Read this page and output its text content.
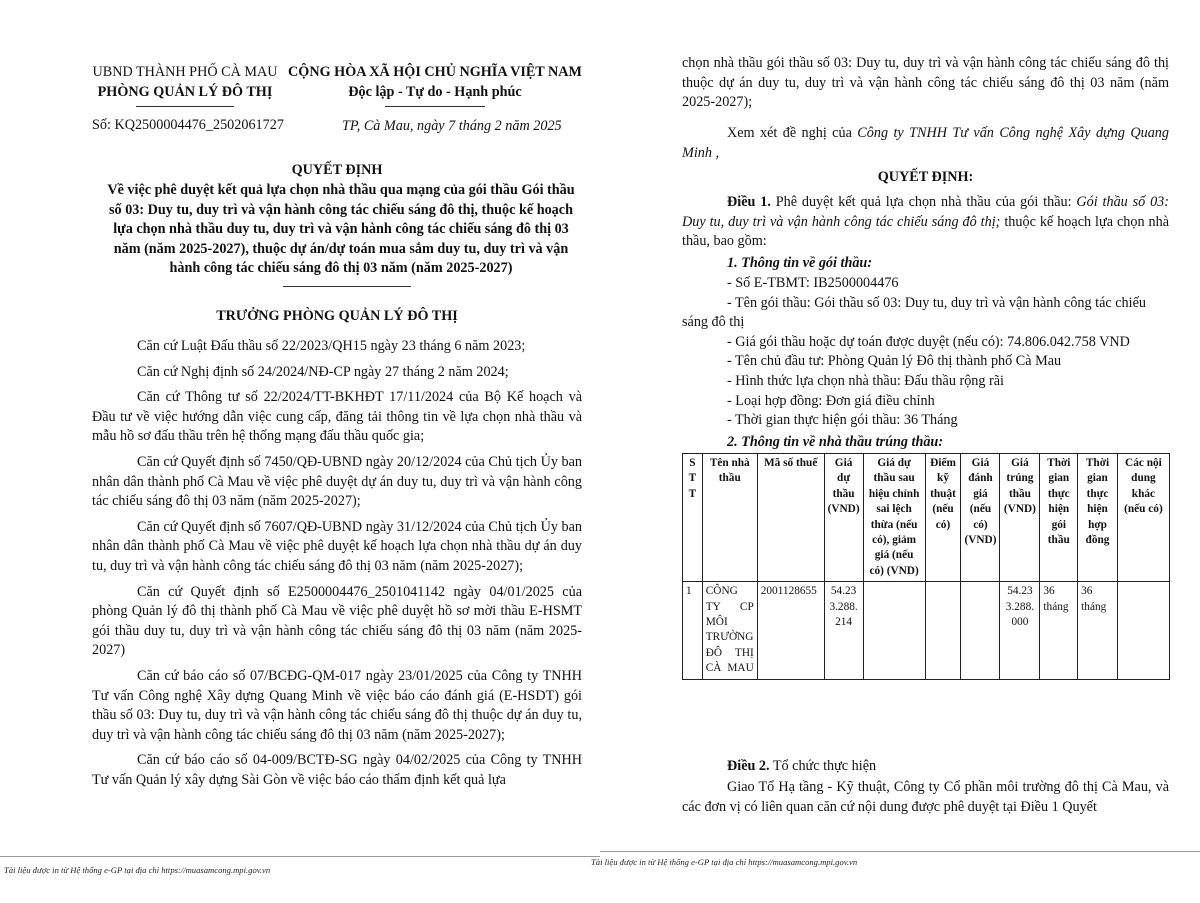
UBND THÀNH PHỐ CÀ MAU
PHÒNG QUẢN LÝ ĐÔ THỊ
CỘNG HÒA XÃ HỘI CHỦ NGHĨA VIỆT NAM
Độc lập - Tự do - Hạnh phúc
Số: KQ2500004476_2502061727	TP, Cà Mau, ngày 7 tháng 2 năm 2025
QUYẾT ĐỊNH
Về việc phê duyệt kết quả lựa chọn nhà thầu qua mạng của gói thầu Gói thầu số 03: Duy tu, duy trì và vận hành công tác chiếu sáng đô thị, thuộc kế hoạch lựa chọn nhà thầu duy tu, duy trì và vận hành công tác chiếu sáng đô thị 03 năm (năm 2025-2027), thuộc dự án/dự toán mua sắm duy tu, duy trì và vận hành công tác chiếu sáng đô thị 03 năm (năm 2025-2027)
TRƯỞNG PHÒNG QUẢN LÝ ĐÔ THỊ

Căn cứ Luật Đấu thầu số 22/2023/QH15 ngày 23 tháng 6 năm 2023;

Căn cứ Nghị định số 24/2024/NĐ-CP ngày 27 tháng 2 năm 2024;

Căn cứ Thông tư số 22/2024/TT-BKHĐT 17/11/2024 của Bộ Kế hoạch và Đầu tư về việc hướng dẫn việc cung cấp, đăng tải thông tin về lựa chọn nhà thầu và mẫu hồ sơ đấu thầu trên hệ thống mạng đấu thầu quốc gia;

Căn cứ Quyết định số 7450/QĐ-UBND ngày 20/12/2024 của Chủ tịch Ủy ban nhân dân thành phố Cà Mau về việc phê duyệt dự án duy tu, duy trì và vận hành công tác chiếu sáng đô thị 03 năm (năm 2025-2027);

Căn cứ Quyết định số 7607/QĐ-UBND ngày 31/12/2024 của Chủ tịch Ủy ban nhân dân thành phố Cà Mau về việc phê duyệt kế hoạch lựa chọn nhà thầu dự án duy tu, duy trì và vận hành công tác chiếu sáng đô thị 03 năm (năm 2025-2027);

Căn cứ Quyết định số E2500004476_2501041142 ngày 04/01/2025 của phòng Quản lý đô thị thành phố Cà Mau về việc phê duyệt hồ sơ mời thầu E-HSMT gói thầu duy tu, duy trì và vận hành công tác chiếu sáng đô thị 03 năm (năm 2025-2027)

Căn cứ báo cáo số 07/BCĐG-QM-017 ngày 23/01/2025 của Công ty TNHH Tư vấn Công nghệ Xây dựng Quang Minh về việc báo cáo đánh giá (E-HSDT) gói thầu số 03: Duy tu, duy trì và vận hành công tác chiếu sáng đô thị thuộc dự án duy tu, duy trì và vận hành công tác chiếu sáng đô thị 03 năm (năm 2025-2027);

Căn cứ báo cáo số 04-009/BCTĐ-SG ngày 04/02/2025 của Công ty TNHH Tư vấn Quản lý xây dựng Sài Gòn về việc báo cáo thẩm định kết quả lựa

Tài liệu được in từ Hệ thống e-GP tại địa chỉ https://muasamcong.mpi.gov.vn
chọn nhà thầu gói thầu số 03: Duy tu, duy trì và vận hành công tác chiếu sáng đô thị thuộc dự án duy tu, duy trì và vận hành công tác chiếu sáng đô thị 03 năm (năm 2025-2027);
Xem xét đề nghị của Công ty TNHH Tư vấn Công nghệ Xây dựng Quang Minh ,
QUYẾT ĐỊNH:
Điều 1. Phê duyệt kết quả lựa chọn nhà thầu của gói thầu: Gói thầu số 03: Duy tu, duy trì và vận hành công tác chiếu sáng đô thị; thuộc kế hoạch lựa chọn nhà thầu, bao gồm:
1. Thông tin về gói thầu:
- Số E-TBMT: IB2500004476
- Tên gói thầu: Gói thầu số 03: Duy tu, duy trì và vận hành công tác chiếu sáng đô thị
- Giá gói thầu hoặc dự toán được duyệt (nếu có): 74.806.042.758 VND
- Tên chủ đầu tư: Phòng Quản lý Đô thị thành phố Cà Mau
- Hình thức lựa chọn nhà thầu: Đấu thầu rộng rãi
- Loại hợp đồng: Đơn giá điều chỉnh
- Thời gian thực hiện gói thầu: 36 Tháng
2. Thông tin về nhà thầu trúng thầu:
STT	Tên nhà thầu	Mã số thuế	Giá dự thầu (VND)	Giá dự thầu sau hiệu chỉnh sai lệch thừa (nếu có), giảm giá (nếu có) (VND)	Điểm kỹ thuật (nếu có)	Giá đánh giá (nếu có) (VND)	Giá trúng thầu (VND)	Thời gian thực hiện gói thầu	Thời gian thực hiện hợp đồng	Các nội dung khác (nếu có)
1	CÔNG TY CP MÔI TRƯỜNG ĐÔ THỊ CÀ MAU	2001128655	54.233.288.214				54.233.288.000	36 tháng	36 tháng	
Điều 2. Tổ chức thực hiện
Giao Tổ Hạ tầng - Kỹ thuật, Công ty Cổ phần môi trường đô thị Cà Mau, và các đơn vị có liên quan căn cứ nội dung được phê duyệt tại Điều 1 Quyết
Tài liệu được in từ Hệ thống e-GP tại địa chỉ https://muasamcong.mpi.gov.vn
